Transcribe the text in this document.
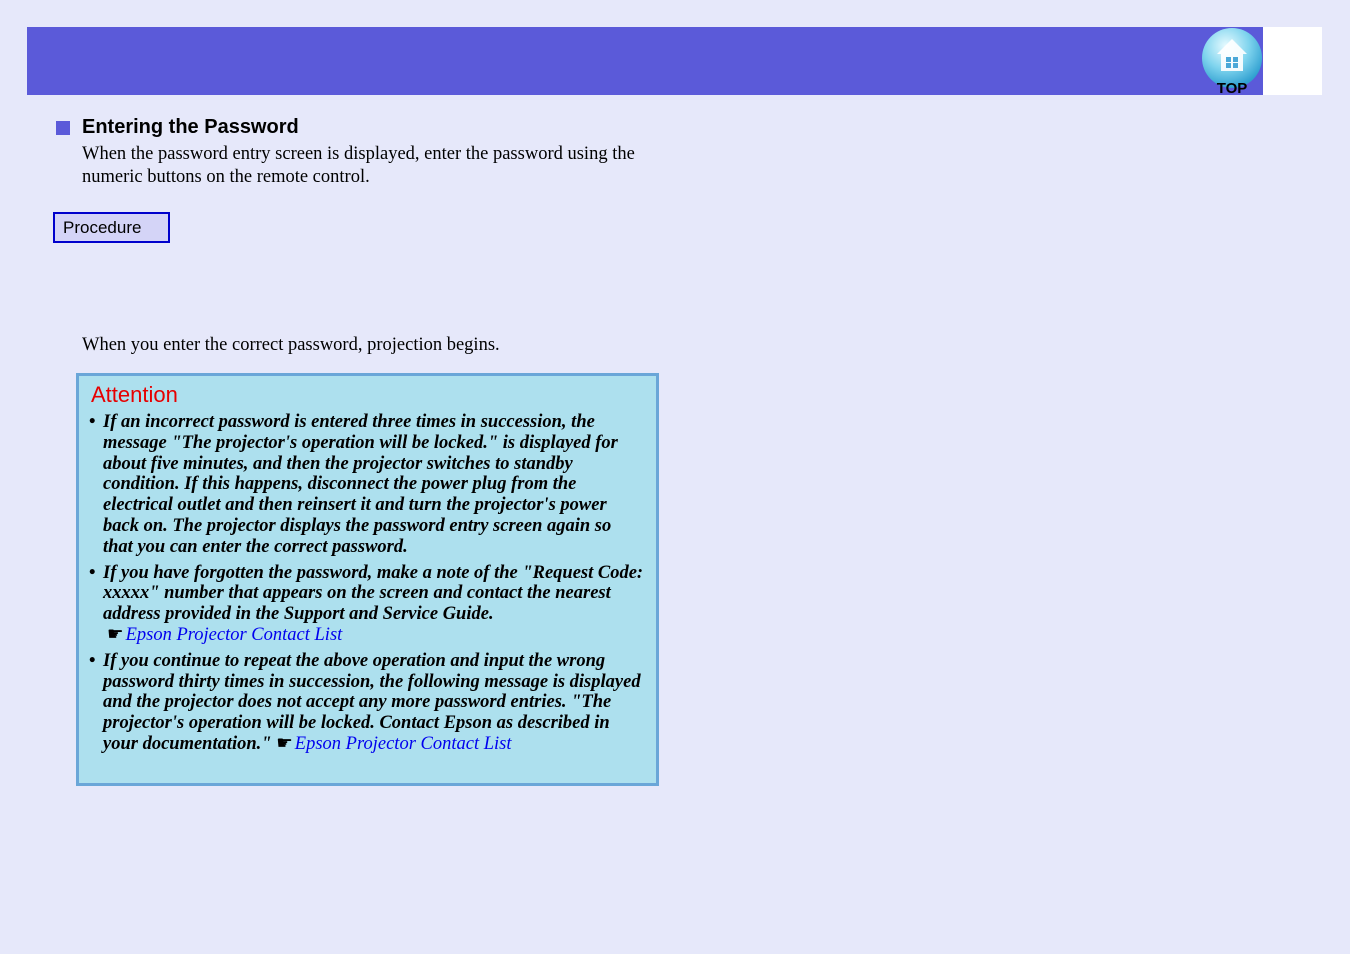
TOP
Entering the Password
When the password entry screen is displayed, enter the password using the numeric buttons on the remote control.
Procedure
When you enter the correct password, projection begins.
Attention
• If an incorrect password is entered three times in succession, the message "The projector's operation will be locked." is displayed for about five minutes, and then the projector switches to standby condition. If this happens, disconnect the power plug from the electrical outlet and then reinsert it and turn the projector's power back on. The projector displays the password entry screen again so that you can enter the correct password.
• If you have forgotten the password, make a note of the "Request Code: xxxxx" number that appears on the screen and contact the nearest address provided in the Support and Service Guide.
☛ Epson Projector Contact List
• If you continue to repeat the above operation and input the wrong password thirty times in succession, the following message is displayed and the projector does not accept any more password entries. "The projector's operation will be locked. Contact Epson as described in your documentation." ☛ Epson Projector Contact List
